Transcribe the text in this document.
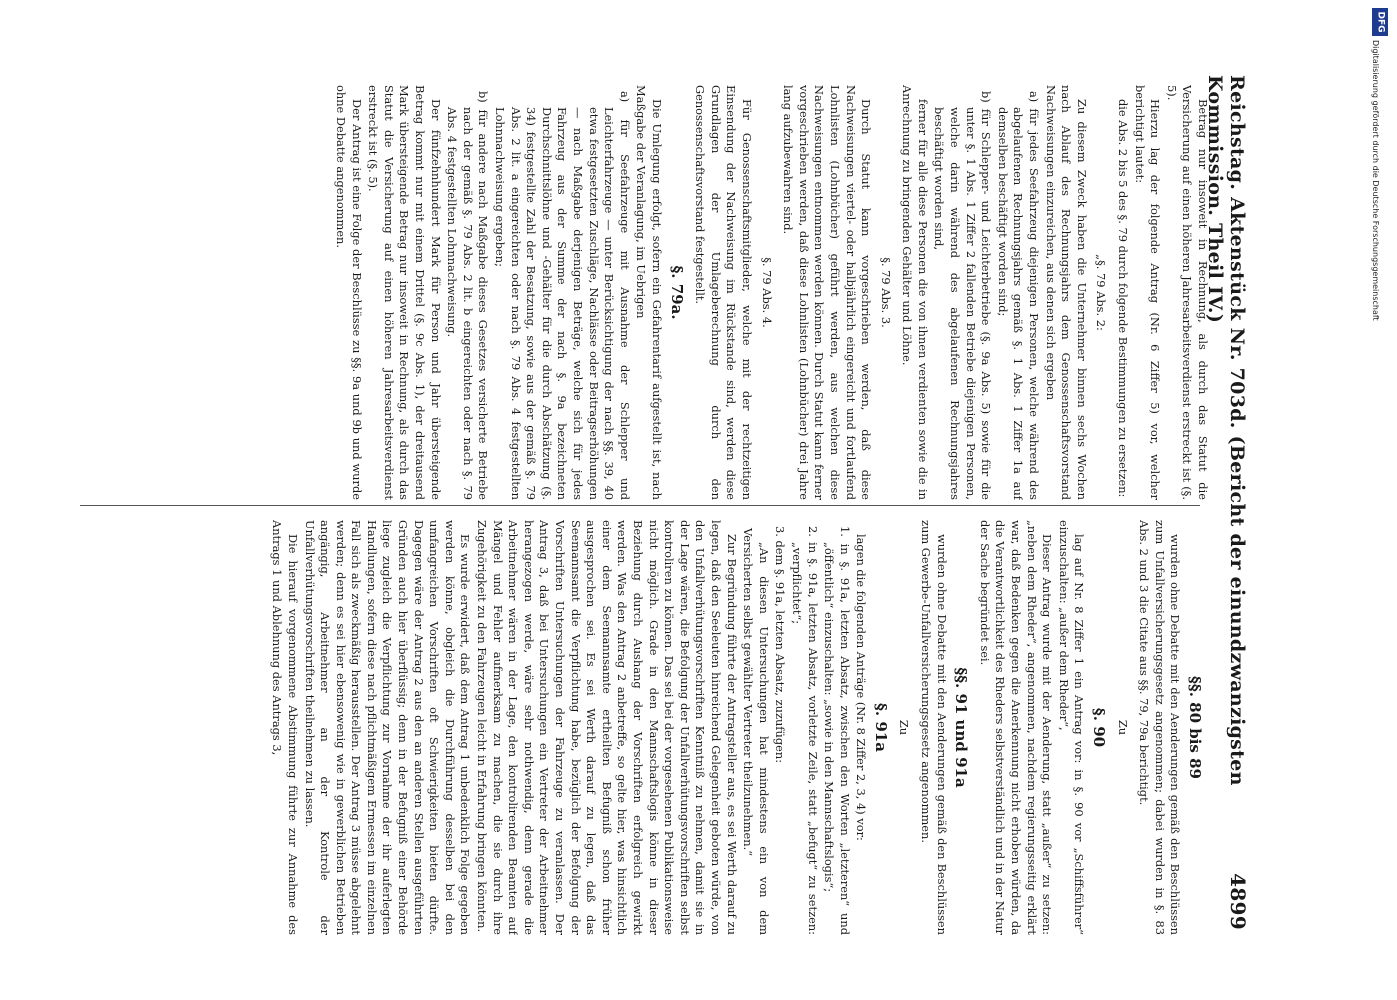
Reichstag. Aktenstück Nr. 703d. (Bericht der einundzwanzigsten Kommission. Theil IV.)
4899
Betrag nur insoweit in Rechnung, als durch das Statut die Versicherung auf einen höheren Jahresarbeitsverdienst erstreckt ist (§. 5).
Hierzu lag der folgende Antrag (Nr. 6 Ziffer 5) vor, welcher berichtigt lautet:
die Abs. 2 bis 5 des §. 79 durch folgende Bestimmungen zu ersetzen:
„§. 79 Abs. 2:
Zu diesem Zweck haben die Unternehmer binnen sechs Wochen nach Ablauf des Rechnungsjahrs dem Genossenschaftsvorstand Nachweisungen einzureichen, aus denen sich ergeben
a) für jedes Seefahrzeug diejenigen Personen, welche während des abgelaufenen Rechnungsjahrs gemäß §. 1 Abs. 1 Ziffer 1a auf demselben beschäftigt worden sind;
b) für Schlepper- und Leichterbetriebe (§. 9a Abs. 5) sowie für die unter §. 1 Abs. 1 Ziffer 2 fallenden Betriebe diejenigen Personen, welche darin während des abgelaufenen Rechnungsjahres beschäftigt worden sind,
ferner für alle diese Personen die von ihnen verdienten sowie die in Anrechnung zu bringenden Gehälter und Löhne.
§. 79 Abs. 3.
Durch Statut kann vorgeschrieben werden, daß diese Nachweisungen viertel- oder halbjährlich eingereicht und fortlaufend Lohnlisten (Lohnbücher) geführt werden, aus welchen diese Nachweisungen entnommen werden können. Durch Statut kann ferner vorgeschrieben werden, daß diese Lohnlisten (Lohnbücher) drei Jahre lang aufzubewahren sind.
§. 79 Abs. 4.
Für Genossenschaftsmitglieder, welche mit der rechtzeitigen Einsendung der Nachweisung im Rückstande sind, werden diese Grundlagen der Umlageberechnung durch den Genossenschaftsvorstand festgestellt.
§. 79a.
Die Umlegung erfolgt, sofern ein Gefahrentarif aufgestellt ist, nach Maßgabe der Veranlagung, im Uebrigen
a) für Seefahrzeuge mit Ausnahme der Schlepper und Leichterfahrzeuge — unter Berücksichtigung der nach §§. 39, 40 etwa festgesetzten Zuschläge, Nachlässe oder Beitragserhöhungen — nach Maßgabe derjenigen Beträge, welche sich für jedes Fahrzeug aus der Summe der nach §. 9a bezeichneten Durchschnittslöhne und -Gehälter für die durch Abschätzung (§. 34) festgestellte Zahl der Besatzung, sowie aus der gemäß §. 79 Abs. 2 lit. a eingereichten oder nach §. 79 Abs. 4 festgestellten Lohnnachweisung ergeben;
b) für andere nach Maßgabe dieses Gesetzes versicherte Betriebe nach der gemäß §. 79 Abs. 2 lit. b eingereichten oder nach §. 79 Abs. 4 festgestellten Lohnnachweisung.
Der fünfzehnhundert Mark für Person und Jahr übersteigende Betrag kommt nur mit einem Drittel (§. 9c Abs. 1), der dreitausend Mark übersteigende Betrag nur insoweit in Rechnung, als durch das Statut die Versicherung auf einen höheren Jahresarbeitsverdienst erstreckt ist (§. 5).
Der Antrag ist eine Folge der Beschlüsse zu §§. 9a und 9b und wurde ohne Debatte angenommen.
§§. 80 bis 89
wurden ohne Debatte mit den Aenderungen gemäß den Beschlüssen zum Unfallversicherungsgesetz angenommen; dabei wurden in §. 83 Abs. 2 und 3 die Citate aus §§. 79, 79a berichtigt.
Zu
§. 90
lag auf Nr. 8 Ziffer 1 ein Antrag vor: in §. 90 vor „Schiffsführer“ einzuschalten: „außer dem Rheder“,
Dieser Antrag wurde mit der Aenderung, statt „außer“ zu setzen: „neben dem Rheder“, angenommen, nachdem regierungsseitig erklärt war, daß Bedenken gegen die Anerkennung nicht erhoben würden, da die Verantwortlichkeit des Rheders selbstverständlich und in der Natur der Sache begründet sei.
§§. 91 und 91a
wurden ohne Debatte mit den Aenderungen gemäß den Beschlüssen zum Gewerbe-Unfallversicherungsgesetz angenommen.
Zu
§. 91a
lagen die folgenden Anträge (Nr. 8 Ziffer 2, 3, 4) vor:
1. in §. 91a, letzten Absatz, zwischen den Worten „letzteren“ und „öffentlich“ einzuschalten: „sowie in den Mannschaftslogis“;
2. in §. 91a, letzten Absatz, vorletzte Zeile, statt „befugt“ zu setzen: „verpflichtet“;
3. dem §. 91a, letzten Absatz, zuzufügen:
„An diesen Untersuchungen hat mindestens ein von dem Versicherten selbst gewählter Vertreter theilzunehmen.“
Zur Begründung führte der Antragsteller aus, es sei Werth darauf zu legen, daß den Seeleuten hinreichend Gelegenheit geboten würde, von den Unfallverhütungsvorschriften Kenntniß zu nehmen, damit sie in der Lage wären, die Befolgung der Unfallverhütungsvorschriften selbst kontroliren zu können. Das sei bei der vorgesehenen Publikationsweise nicht möglich. Grade in den Mannschaftslogis könne in dieser Beziehung durch Aushang der Vorschriften erfolgreich gewirkt werden. Was den Antrag 2 anbetreffe, so gelte hier, was hinsichtlich einer dem Seemannsamte ertheilten Befugniß schon früher ausgesprochen sei. Es sei Werth darauf zu legen, daß das Seemannsamt die Verpflichtung habe, bezüglich der Befolgung der Vorschriften Untersuchungen der Fahrzeuge zu veranlassen. Der Antrag 3, daß bei Untersuchungen ein Vertreter der Arbeitnehmer herangezogen werde, wäre sehr nothwendig, denn gerade die Arbeitnehmer wären in der Lage, den kontrolirenden Beamten auf Mängel und Fehler aufmerksam zu machen, die sie durch ihre Zugehörigkeit zu den Fahrzeugen leicht in Erfahrung bringen könnten.
Es wurde erwidert, daß dem Antrag 1 unbedenklich Folge gegeben werden könne, obgleich die Durchführung desselben bei den umfangreichen Vorschriften oft Schwierigkeiten bieten dürfte. Dagegen wäre der Antrag 2 aus den an anderen Stellen ausgeführten Gründen auch hier überflüssig; denn in der Befugniß einer Behörde liege zugleich die Verpflichtung zur Vornahme der ihr auferlegten Handlungen, sofern diese nach pflichtmäßigem Ermessen im einzelnen Fall sich als zweckmäßig herausstellen. Der Antrag 3 müsse abgelehnt werden; denn es sei hier ebensowenig wie in gewerblichen Betrieben angängig, Arbeitnehmer an der Kontrole der Unfallverhütungsvorschriften theilnehmen zu lassen.
Die hierauf vorgenommene Abstimmung führte zur Annahme des Antrags 1 und Ablehnung des Antrags 3,
DFG
Digitalisierung gefördert durch die Deutsche Forschungsgemeinschaft
